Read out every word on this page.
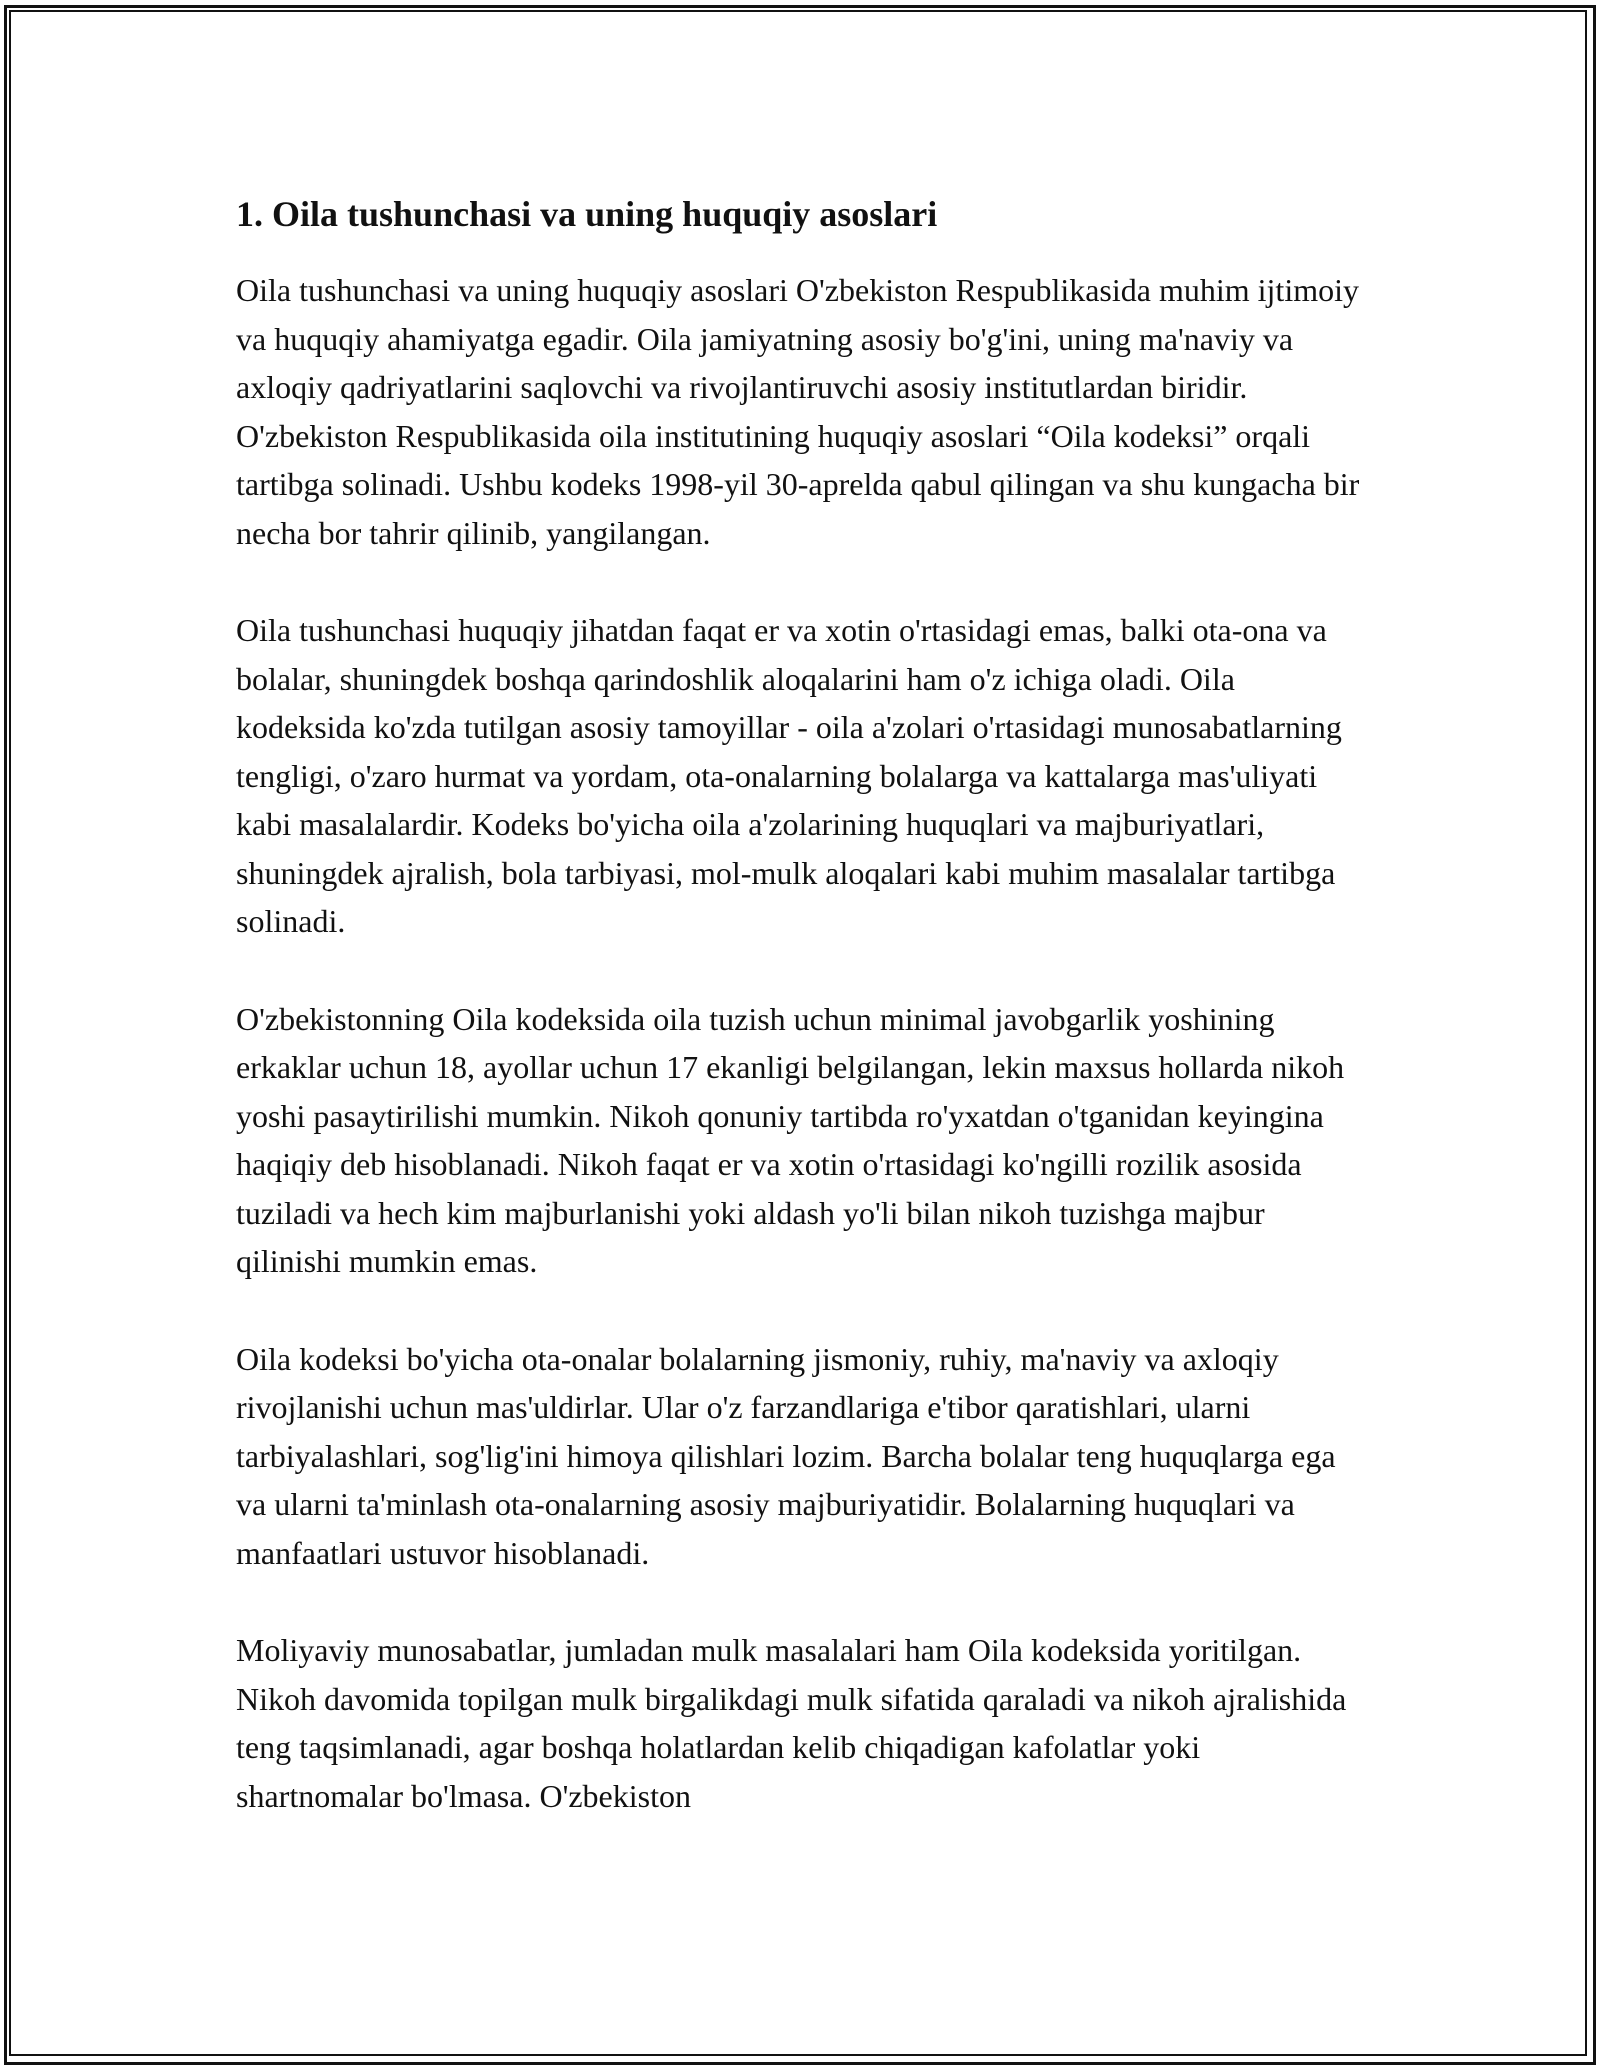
1. Oila tushunchasi va uning huquqiy asoslari

Oila tushunchasi va uning huquqiy asoslari O'zbekiston Respublikasida muhim ijtimoiy va huquqiy ahamiyatga egadir. Oila jamiyatning asosiy bo'g'ini, uning ma'naviy va axloqiy qadriyatlarini saqlovchi va rivojlantiruvchi asosiy institutlardan biridir. O'zbekiston Respublikasida oila institutining huquqiy asoslari “Oila kodeksi” orqali tartibga solinadi. Ushbu kodeks 1998-yil 30-aprelda qabul qilingan va shu kungacha bir necha bor tahrir qilinib, yangilangan.

Oila tushunchasi huquqiy jihatdan faqat er va xotin o'rtasidagi emas, balki ota-ona va bolalar, shuningdek boshqa qarindoshlik aloqalarini ham o'z ichiga oladi. Oila kodeksida ko'zda tutilgan asosiy tamoyillar - oila a'zolari o'rtasidagi munosabatlarning tengligi, o'zaro hurmat va yordam, ota-onalarning bolalarga va kattalarga mas'uliyati kabi masalalardir. Kodeks bo'yicha oila a'zolarining huquqlari va majburiyatlari, shuningdek ajralish, bola tarbiyasi, mol-mulk aloqalari kabi muhim masalalar tartibga solinadi.

O'zbekistonning Oila kodeksida oila tuzish uchun minimal javobgarlik yoshining erkaklar uchun 18, ayollar uchun 17 ekanligi belgilangan, lekin maxsus hollarda nikoh yoshi pasaytirilishi mumkin. Nikoh qonuniy tartibda ro'yxatdan o'tganidan keyingina haqiqiy deb hisoblanadi. Nikoh faqat er va xotin o'rtasidagi ko'ngilli rozilik asosida tuziladi va hech kim majburlanishi yoki aldash yo'li bilan nikoh tuzishga majbur qilinishi mumkin emas.

Oila kodeksi bo'yicha ota-onalar bolalarning jismoniy, ruhiy, ma'naviy va axloqiy rivojlanishi uchun mas'uldirlar. Ular o'z farzandlariga e'tibor qaratishlari, ularni tarbiyalashlari, sog'lig'ini himoya qilishlari lozim. Barcha bolalar teng huquqlarga ega va ularni ta'minlash ota-onalarning asosiy majburiyatidir. Bolalarning huquqlari va manfaatlari ustuvor hisoblanadi.

Moliyaviy munosabatlar, jumladan mulk masalalari ham Oila kodeksida yoritilgan. Nikoh davomida topilgan mulk birgalikdagi mulk sifatida qaraladi va nikoh ajralishida teng taqsimlanadi, agar boshqa holatlardan kelib chiqadigan kafolatlar yoki shartnomalar bo'lmasa. O'zbekiston
